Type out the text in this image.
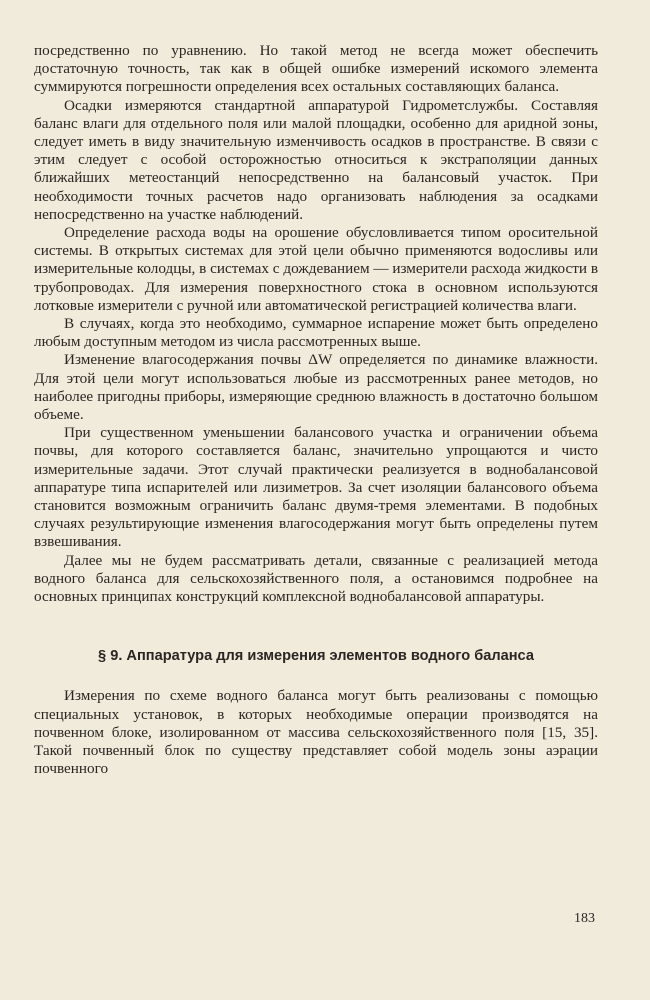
посредственно по уравнению. Но такой метод не всегда может обеспечить достаточную точность, так как в общей ошибке измерений искомого элемента суммируются погрешности определения всех остальных составляющих баланса.

Осадки измеряются стандартной аппаратурой Гидрометслужбы. Составляя баланс влаги для отдельного поля или малой площадки, особенно для аридной зоны, следует иметь в виду значительную изменчивость осадков в пространстве. В связи с этим следует с особой осторожностью относиться к экстраполяции данных ближайших метеостанций непосредственно на балансовый участок. При необходимости точных расчетов надо организовать наблюдения за осадками непосредственно на участке наблюдений.

Определение расхода воды на орошение обусловливается типом оросительной системы. В открытых системах для этой цели обычно применяются водосливы или измерительные колодцы, в системах с дождеванием — измерители расхода жидкости в трубопроводах. Для измерения поверхностного стока в основном используются лотковые измерители с ручной или автоматической регистрацией количества влаги.

В случаях, когда это необходимо, суммарное испарение может быть определено любым доступным методом из числа рассмотренных выше.

Изменение влагосодержания почвы ΔW определяется по динамике влажности. Для этой цели могут использоваться любые из рассмотренных ранее методов, но наиболее пригодны приборы, измеряющие среднюю влажность в достаточно большом объеме.

При существенном уменьшении балансового участка и ограничении объема почвы, для которого составляется баланс, значительно упрощаются и чисто измерительные задачи. Этот случай практически реализуется в воднобалансовой аппаратуре типа испарителей или лизиметров. За счет изоляции балансового объема становится возможным ограничить баланс двумя-тремя элементами. В подобных случаях результирующие изменения влагосодержания могут быть определены путем взвешивания.

Далее мы не будем рассматривать детали, связанные с реализацией метода водного баланса для сельскохозяйственного поля, а остановимся подробнее на основных принципах конструкций комплексной воднобалансовой аппаратуры.

§ 9. Аппаратура для измерения элементов водного баланса

Измерения по схеме водного баланса могут быть реализованы с помощью специальных установок, в которых необходимые операции производятся на почвенном блоке, изолированном от массива сельскохозяйственного поля [15, 35]. Такой почвенный блок по существу представляет собой модель зоны аэрации почвенного

183
